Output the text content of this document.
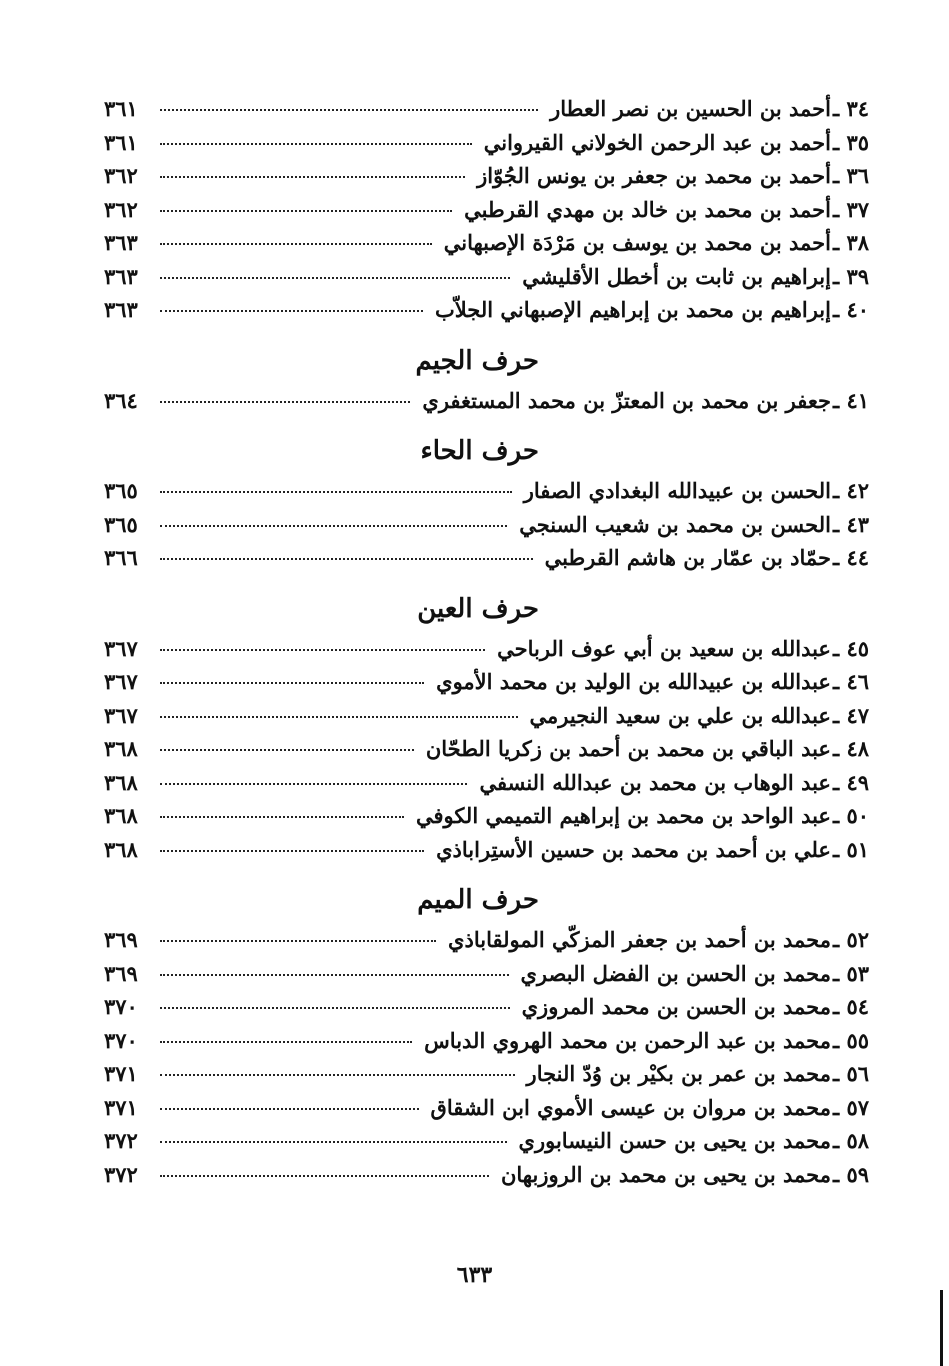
٣٤ ـ
أحمد بن الحسين بن نصر العطار
٣٦١
٣٥ ـ
أحمد بن عبد الرحمن الخولاني القيرواني
٣٦١
٣٦ ـ
أحمد بن محمد بن جعفر بن يونس الجُوّاز
٣٦٢
٣٧ ـ
أحمد بن محمد بن خالد بن مهدي القرطبي
٣٦٢
٣٨ ـ
أحمد بن محمد بن يوسف بن مَرْدَة الإصبهاني
٣٦٣
٣٩ ـ
إبراهيم بن ثابت بن أخطل الأقليشي
٣٦٣
٤٠ ـ
إبراهيم بن محمد بن إبراهيم الإصبهاني الجلاّب
٣٦٣
حرف الجيم
٤١ ـ
جعفر بن محمد بن المعتزّ بن محمد المستغفري
٣٦٤
حرف الحاء
٤٢ ـ
الحسن بن عبيدالله البغدادي الصفار
٣٦٥
٤٣ ـ
الحسن بن محمد بن شعيب السنجي
٣٦٥
٤٤ ـ
حمّاد بن عمّار بن هاشم القرطبي
٣٦٦
حرف العين
٤٥ ـ
عبدالله بن سعيد بن أبي عوف الرباحي
٣٦٧
٤٦ ـ
عبدالله بن عبيدالله بن الوليد بن محمد الأموي
٣٦٧
٤٧ ـ
عبدالله بن علي بن سعيد النجيرمي
٣٦٧
٤٨ ـ
عبد الباقي بن محمد بن أحمد بن زكريا الطحّان
٣٦٨
٤٩ ـ
عبد الوهاب بن محمد بن عبدالله النسفي
٣٦٨
٥٠ ـ
عبد الواحد بن محمد بن إبراهيم التميمي الكوفي
٣٦٨
٥١ ـ
علي بن أحمد بن محمد بن حسين الأستِراباذي
٣٦٨
حرف الميم
٥٢ ـ
محمد بن أحمد بن جعفر المزكّي المولقاباذي
٣٦٩
٥٣ ـ
محمد بن الحسن بن الفضل البصري
٣٦٩
٥٤ ـ
محمد بن الحسن بن محمد المروزي
٣٧٠
٥٥ ـ
محمد بن عبد الرحمن بن محمد الهروي الدباس
٣٧٠
٥٦ ـ
محمد بن عمر بن بكيْر بن وُدّ النجار
٣٧١
٥٧ ـ
محمد بن مروان بن عيسى الأموي ابن الشقاق
٣٧١
٥٨ ـ
محمد بن يحيى بن حسن النيسابوري
٣٧٢
٥٩ ـ
محمد بن يحيى بن محمد بن الروزبهان
٣٧٢
٦٣٣
